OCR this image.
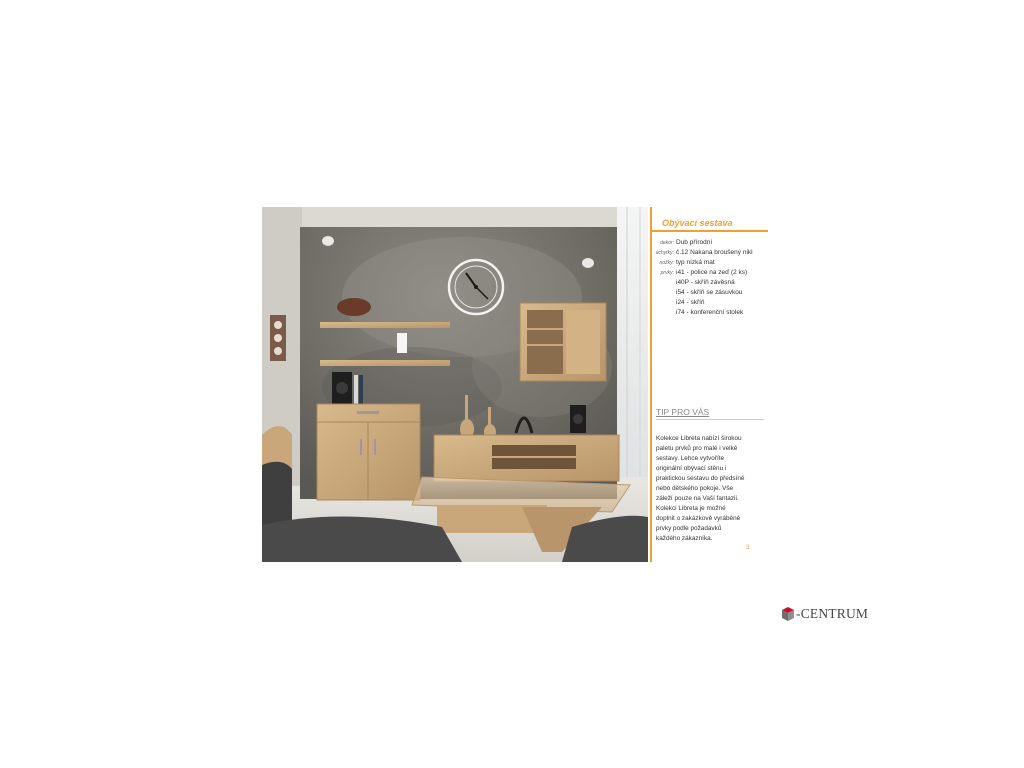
Obývací sestava
dekor: Dub přírodní
úchytky: č.12 Nakana broušený nikl
nožky: typ nízká mat
prvky: i41 - police na zeď (2 ks)
i40P - skříň závěsná
i54 - skříň se zásuvkou
i24 - skříň
i74 - konferenční stolek
TIP PRO VÁS
Kolekce Libreta nabízí širokou
paletu prvků pro malé i velké
sestavy. Lehce vytvoříte
originální obývací stěnu i
praktickou sestavu do předsíně
nebo dětského pokoje. Vše
záleží pouze na Vaší fantazii.
Kolekci Libreta je možné
doplnit o zakázkově vyráběné
prvky podle požadavků
každého zákazníka.
3
-CENTRUM
